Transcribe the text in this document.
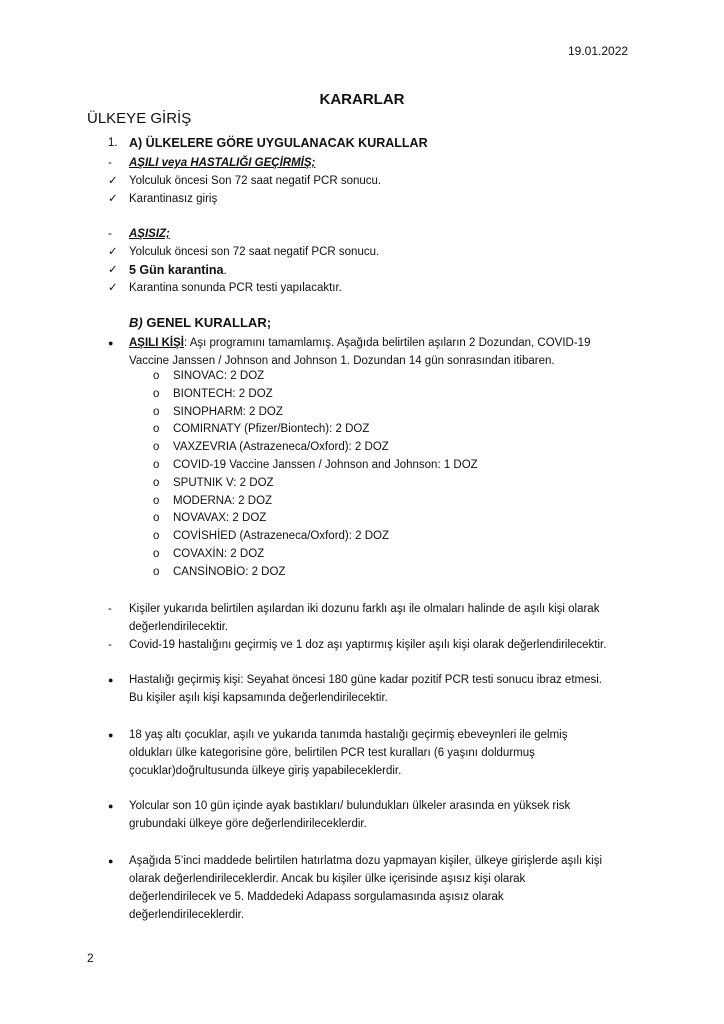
19.01.2022
KARARLAR
ÜLKEYE GİRİŞ
1. A) ÜLKELERE GÖRE UYGULANACAK KURALLAR
- AŞILI veya HASTALIĞI GEÇİRMİŞ;
✓ Yolculuk öncesi Son 72 saat negatif PCR sonucu.
✓ Karantinasız giriş
- AŞISIZ;
✓ Yolculuk öncesi son 72 saat negatif PCR sonucu.
✓ 5 Gün karantina.
✓ Karantina sonunda PCR testi yapılacaktır.
B) GENEL KURALLAR;
● AŞILI KİŞİ: Aşı programını tamamlamış. Aşağıda belirtilen aşıların 2 Dozundan, COVID-19
Vaccine Janssen / Johnson and Johnson 1. Dozundan 14 gün sonrasından itibaren.
o SINOVAC: 2 DOZ
o BIONTECH: 2 DOZ
o SINOPHARM: 2 DOZ
o COMIRNATY (Pfizer/Biontech): 2 DOZ
o VAXZEVRIA (Astrazeneca/Oxford): 2 DOZ
o COVID-19 Vaccine Janssen / Johnson and Johnson: 1 DOZ
o SPUTNIK V: 2 DOZ
o MODERNA: 2 DOZ
o NOVAVAX: 2 DOZ
o COVİSHİED (Astrazeneca/Oxford): 2 DOZ
o COVAXİN: 2 DOZ
o CANSİNOBİO: 2 DOZ
- Kişiler yukarıda belirtilen aşılardan iki dozunu farklı aşı ile olmaları halinde de aşılı kişi olarak
değerlendirilecektir.
- Covid-19 hastalığını geçirmiş ve 1 doz aşı yaptırmış kişiler aşılı kişi olarak değerlendirilecektir.
● Hastalığı geçirmiş kişi: Seyahat öncesi 180 güne kadar pozitif PCR testi sonucu ibraz etmesi.
Bu kişiler aşılı kişi kapsamında değerlendirilecektir.
● 18 yaş altı çocuklar, aşılı ve yukarıda tanımda hastalığı geçirmiş ebeveynleri ile gelmiş
oldukları ülke kategorisine göre, belirtilen PCR test kuralları (6 yaşını doldurmuş
çocuklar)doğrultusunda ülkeye giriş yapabileceklerdir.
● Yolcular son 10 gün içinde ayak bastıkları/ bulundukları ülkeler arasında en yüksek risk
grubundaki ülkeye göre değerlendirileceklerdir.
● Aşağıda 5’inci maddede belirtilen hatırlatma dozu yapmayan kişiler, ülkeye girişlerde aşılı kişi
olarak değerlendirileceklerdir. Ancak bu kişiler ülke içerisinde aşısız kişi olarak
değerlendirilecek ve 5. Maddedeki Adapass sorgulamasında aşısız olarak
değerlendirileceklerdir.
2
